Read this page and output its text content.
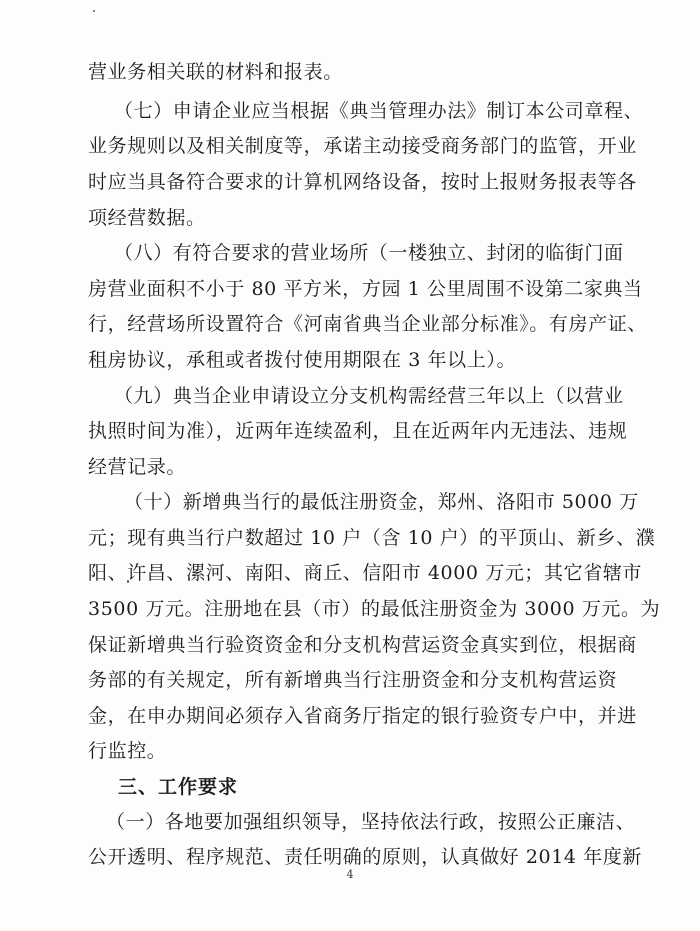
营业务相关联的材料和报表。
（七）申请企业应当根据《典当管理办法》制订本公司章程、
业务规则以及相关制度等，承诺主动接受商务部门的监管，开业
时应当具备符合要求的计算机网络设备，按时上报财务报表等各
项经营数据。
（八）有符合要求的营业场所（一楼独立、封闭的临街门面
房营业面积不小于 80 平方米，方园 1 公里周围不设第二家典当
行，经营场所设置符合《河南省典当企业部分标准》。有房产证、
租房协议，承租或者拨付使用期限在 3 年以上）。
（九）典当企业申请设立分支机构需经营三年以上（以营业
执照时间为准），近两年连续盈利，且在近两年内无违法、违规
经营记录。
（十）新增典当行的最低注册资金，郑州、洛阳市 5000 万
元；现有典当行户数超过 10 户（含 10 户）的平顶山、新乡、濮
阳、许昌、漯河、南阳、商丘、信阳市 4000 万元；其它省辖市
3500 万元。注册地在县（市）的最低注册资金为 3000 万元。为
保证新增典当行验资资金和分支机构营运资金真实到位，根据商
务部的有关规定，所有新增典当行注册资金和分支机构营运资
金，在申办期间必须存入省商务厅指定的银行验资专户中，并进
行监控。
三、工作要求
（一）各地要加强组织领导，坚持依法行政，按照公正廉洁、
公开透明、程序规范、责任明确的原则，认真做好 2014 年度新
4
